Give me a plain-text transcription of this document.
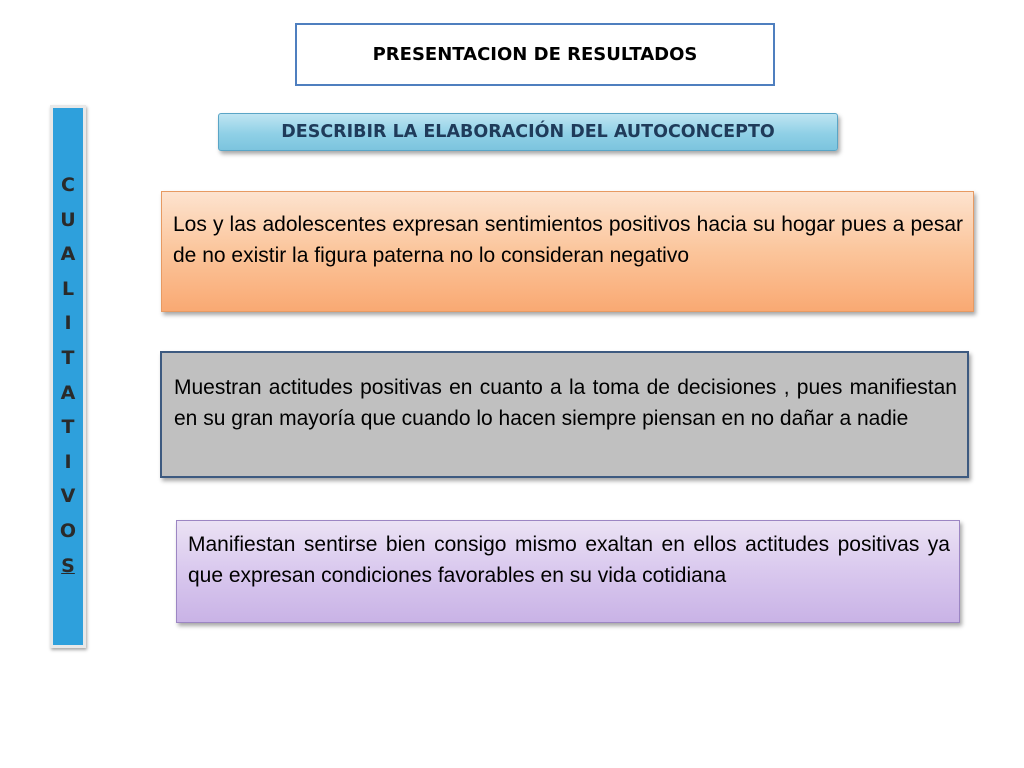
PRESENTACION DE RESULTADOS
DESCRIBIR LA ELABORACIÓN DEL AUTOCONCEPTO
C
U
A
L
I
T
A
T
I
V
O
S
Los y las adolescentes expresan sentimientos positivos hacia su hogar pues a pesar de no existir la figura paterna no lo consideran negativo
Muestran actitudes positivas en cuanto a la toma de decisiones , pues manifiestan en su gran mayoría que cuando lo hacen siempre piensan en no dañar a nadie
Manifiestan sentirse bien consigo mismo exaltan en ellos actitudes positivas ya que expresan condiciones favorables en su vida cotidiana
